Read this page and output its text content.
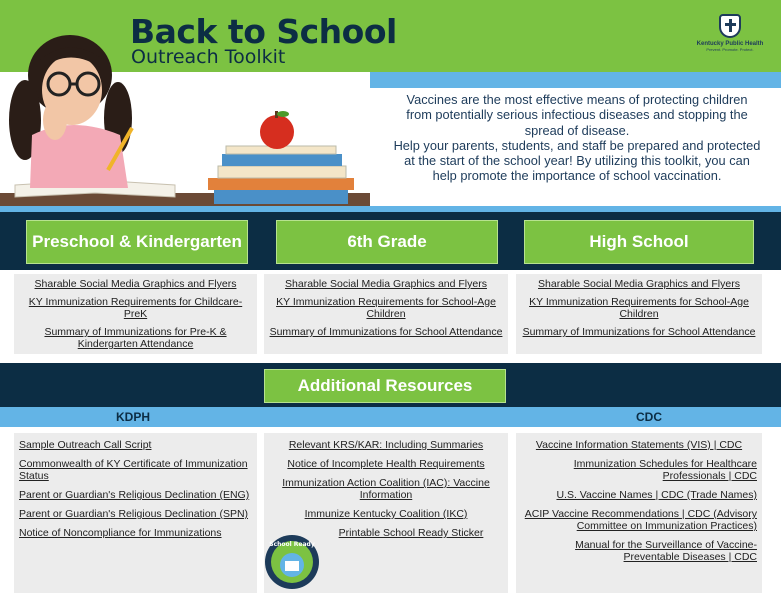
Back to School
Outreach Toolkit
Kentucky Public Health
Prevent. Promote. Protect.

Vaccines are the most effective means of protecting children from potentially serious infectious diseases and stopping the spread of disease.

Help your parents, students, and staff be prepared and protected at the start of the school year! By utilizing this toolkit, you can help promote the importance of school vaccination.

Preschool & Kindergarten	6th Grade	High School
Sharable Social Media Graphics and Flyers
KY Immunization Requirements for Childcare-PreK
Summary of Immunizations for Pre-K & Kindergarten Attendance
Sharable Social Media Graphics and Flyers
KY Immunization Requirements for School-Age Children
Summary of Immunizations for School Attendance
Sharable Social Media Graphics and Flyers
KY Immunization Requirements for School-Age Children
Summary of Immunizations for School Attendance
Additional Resources
KDPH	CDC
Sample Outreach Call Script
Commonwealth of KY Certificate of Immunization Status
Parent or Guardian's Religious Declination (ENG)
Parent or Guardian's Religious Declination (SPN)
Notice of Noncompliance for Immunizations
Relevant KRS/KAR: Including Summaries
Notice of Incomplete Health Requirements
Immunization Action Coalition (IAC): Vaccine Information
Immunize Kentucky Coalition (IKC)
Printable School Ready Sticker
School Ready
Vaccine Information Statements (VIS) | CDC
Immunization Schedules for Healthcare Professionals | CDC
U.S. Vaccine Names | CDC (Trade Names)
ACIP Vaccine Recommendations | CDC (Advisory Committee on Immunization Practices)
Manual for the Surveillance of Vaccine-Preventable Diseases | CDC
